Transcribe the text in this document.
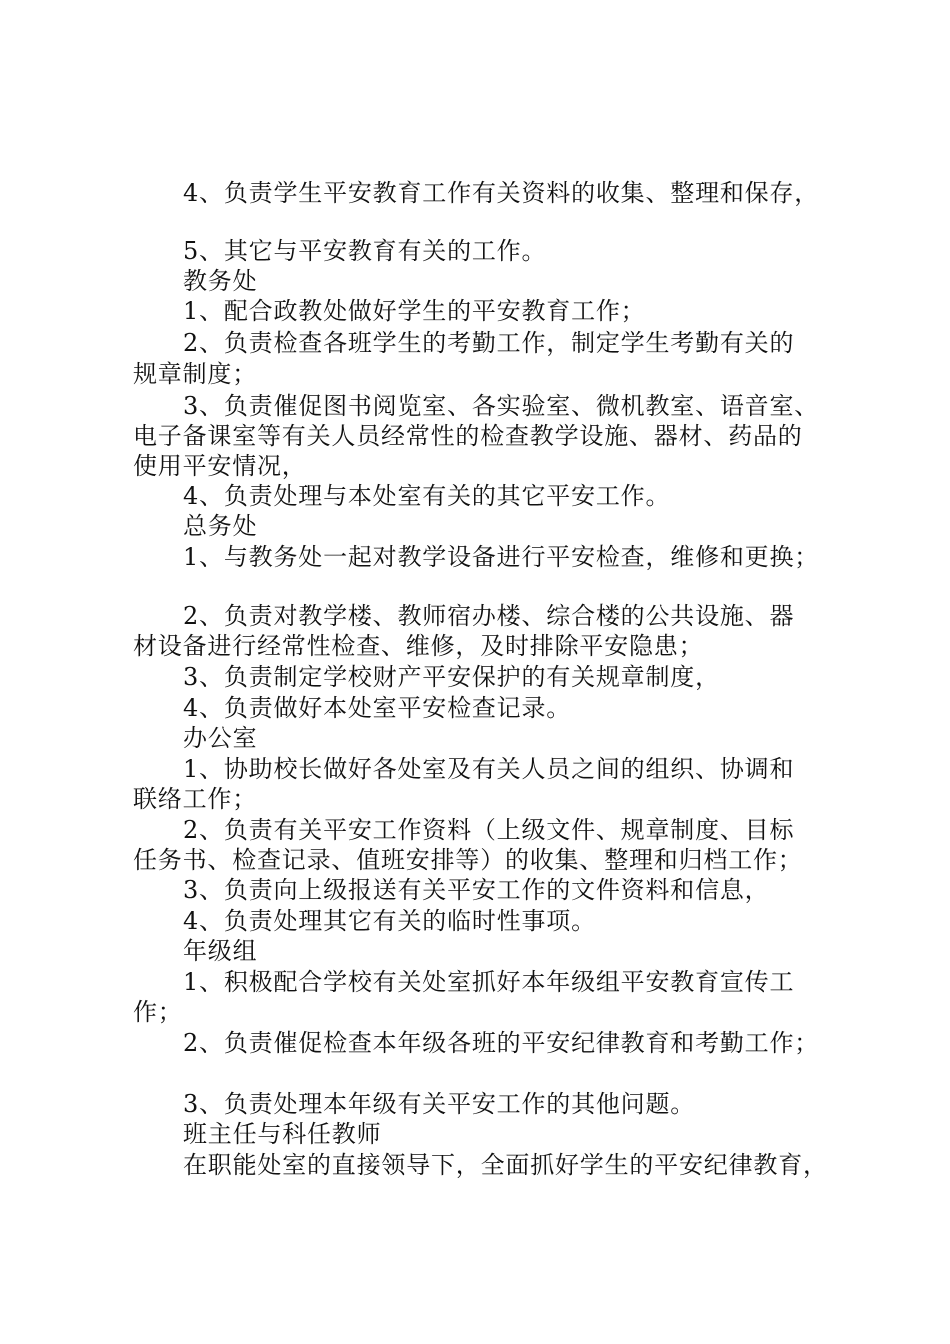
4、负责学生平安教育工作有关资料的收集、整理和保存，
5、其它与平安教育有关的工作。
教务处
1、配合政教处做好学生的平安教育工作；
2、负责检查各班学生的考勤工作，制定学生考勤有关的
规章制度；
3、负责催促图书阅览室、各实验室、微机教室、语音室、
电子备课室等有关人员经常性的检查教学设施、器材、药品的
使用平安情况，
4、负责处理与本处室有关的其它平安工作。
总务处
1、与教务处一起对教学设备进行平安检查，维修和更换；
2、负责对教学楼、教师宿办楼、综合楼的公共设施、器
材设备进行经常性检查、维修，及时排除平安隐患；
3、负责制定学校财产平安保护的有关规章制度，
4、负责做好本处室平安检查记录。
办公室
1、协助校长做好各处室及有关人员之间的组织、协调和
联络工作；
2、负责有关平安工作资料（上级文件、规章制度、目标
任务书、检查记录、值班安排等）的收集、整理和归档工作；
3、负责向上级报送有关平安工作的文件资料和信息，
4、负责处理其它有关的临时性事项。
年级组
1、积极配合学校有关处室抓好本年级组平安教育宣传工
作；
2、负责催促检查本年级各班的平安纪律教育和考勤工作；
3、负责处理本年级有关平安工作的其他问题。
班主任与科任教师
在职能处室的直接领导下，全面抓好学生的平安纪律教育，
